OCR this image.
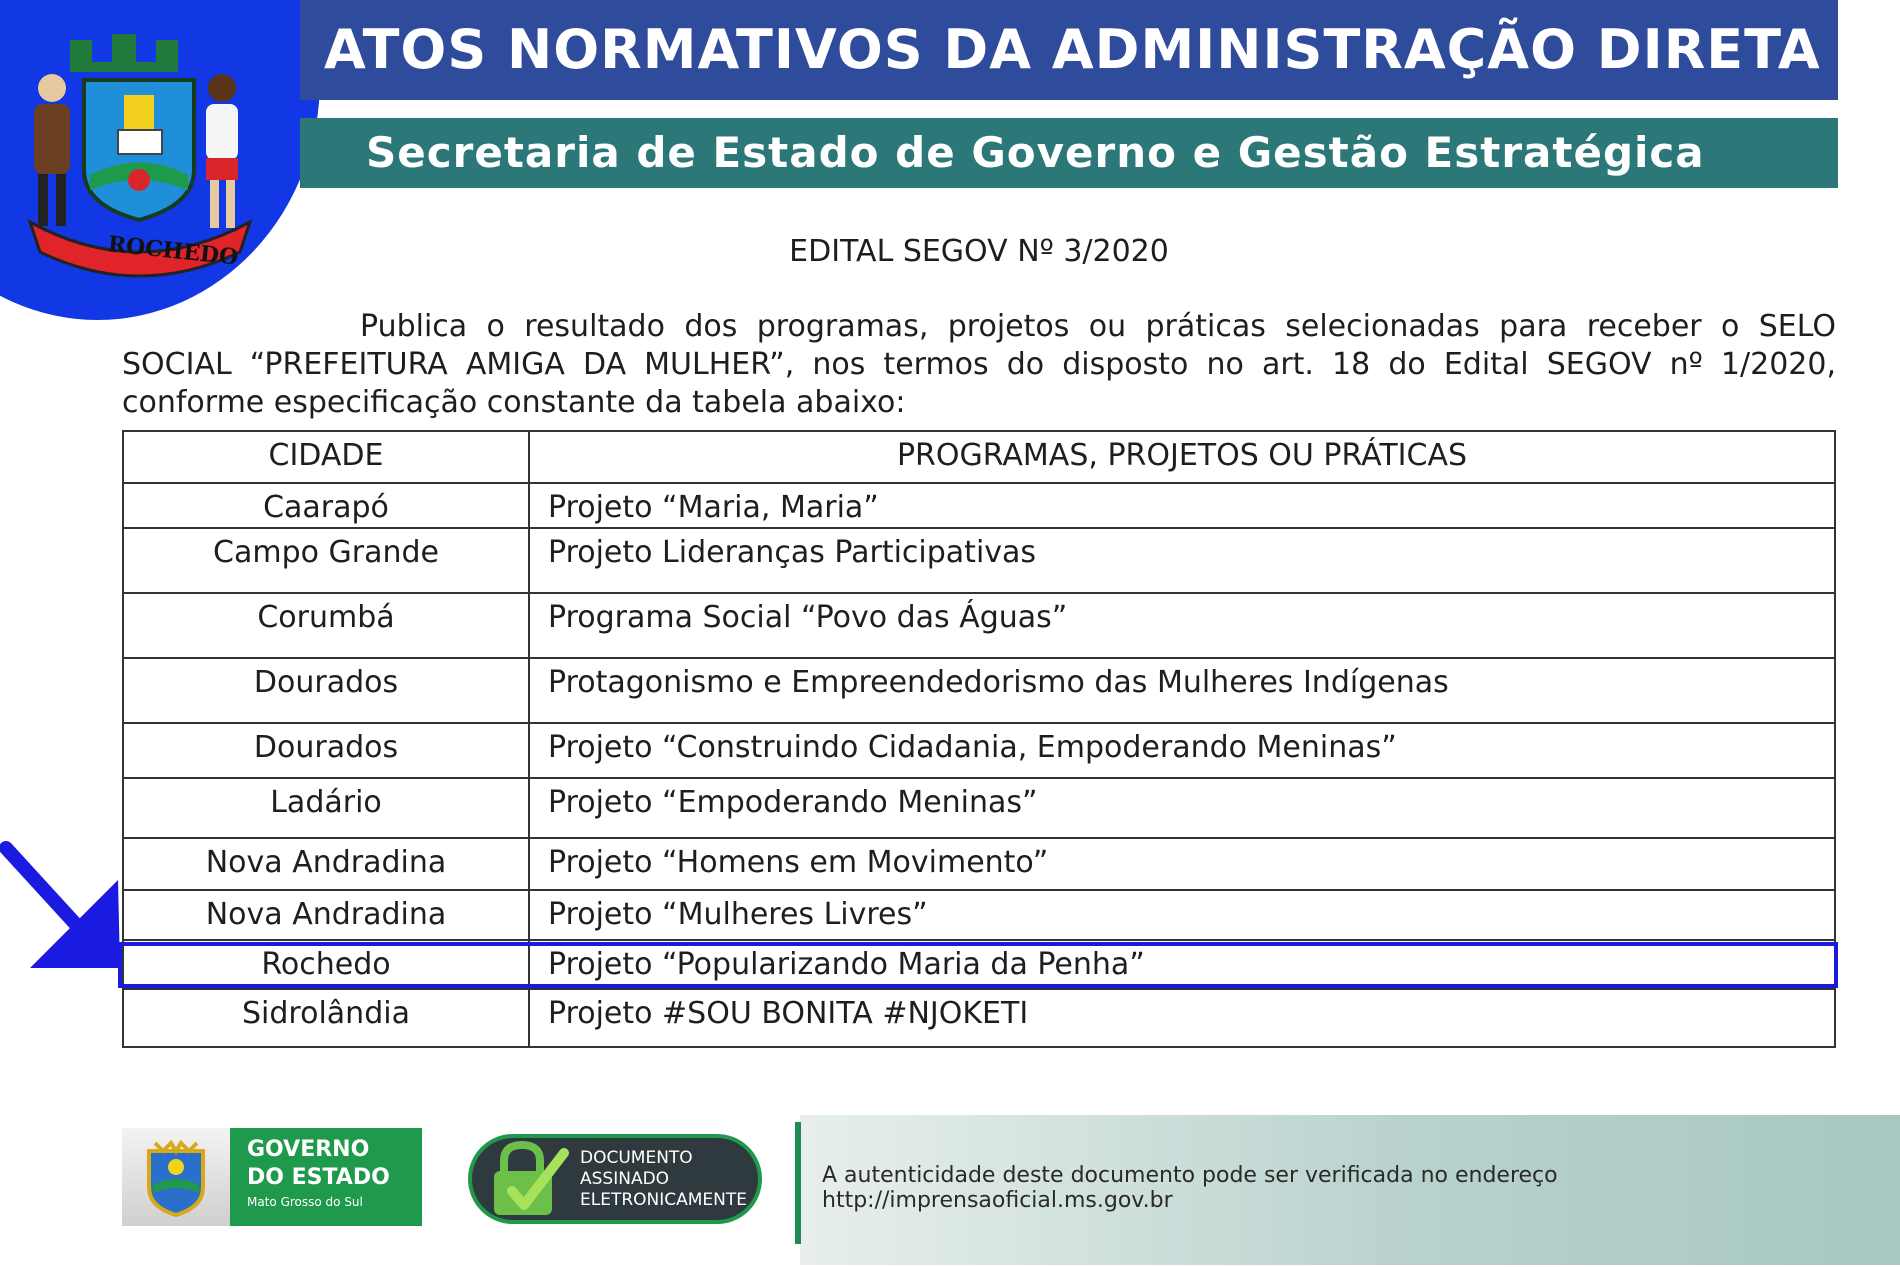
ROCHEDO
ATOS NORMATIVOS DA ADMINISTRAÇÃO DIRETA
Secretaria de Estado de Governo e Gestão Estratégica
EDITAL SEGOV Nº 3/2020
Publica o resultado dos programas, projetos ou práticas selecionadas para receber o SELO SOCIAL “PREFEITURA AMIGA DA MULHER”, nos termos do disposto no art. 18 do Edital SEGOV nº 1/2020, conforme especificação constante da tabela abaixo:
CIDADE	PROGRAMAS, PROJETOS OU PRÁTICAS
Caarapó	Projeto “Maria, Maria”
Campo Grande	Projeto Lideranças Participativas
Corumbá	Programa Social “Povo das Águas”
Dourados	Protagonismo e Empreendedorismo das Mulheres Indígenas
Dourados	Projeto “Construindo Cidadania, Empoderando Meninas”
Ladário	Projeto “Empoderando Meninas”
Nova Andradina	Projeto “Homens em Movimento”
Nova Andradina	Projeto “Mulheres Livres”
Rochedo	Projeto “Popularizando Maria da Penha”
Sidrolândia	Projeto #SOU BONITA #NJOKETI
GOVERNO
DO ESTADO
Mato Grosso do Sul
DOCUMENTO
ASSINADO
ELETRONICAMENTE
A autenticidade deste documento pode ser verificada no endereço http://imprensaoficial.ms.gov.br
